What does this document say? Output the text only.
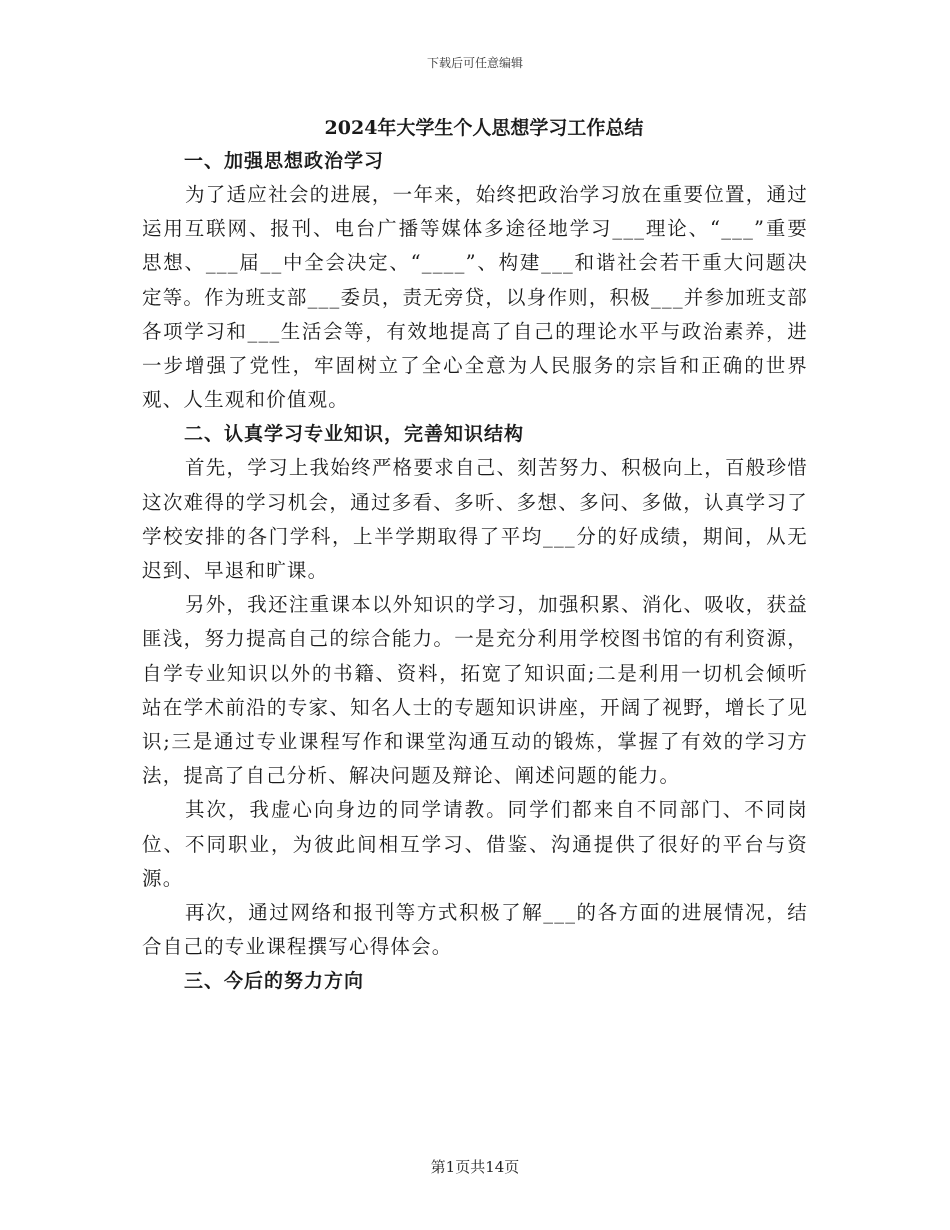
下载后可任意编辑
2024年大学生个人思想学习工作总结
一、加强思想政治学习

为了适应社会的进展，一年来，始终把政治学习放在重要位置，通过运用互联网、报刊、电台广播等媒体多途径地学习___理论、“___”重要思想、___届__中全会决定、“____”、构建___和谐社会若干重大问题决定等。作为班支部___委员，责无旁贷，以身作则，积极___并参加班支部各项学习和___生活会等，有效地提高了自己的理论水平与政治素养，进一步增强了党性，牢固树立了全心全意为人民服务的宗旨和正确的世界观、人生观和价值观。

二、认真学习专业知识，完善知识结构

首先，学习上我始终严格要求自己、刻苦努力、积极向上，百般珍惜这次难得的学习机会，通过多看、多听、多想、多问、多做，认真学习了学校安排的各门学科，上半学期取得了平均___分的好成绩，期间，从无迟到、早退和旷课。

另外，我还注重课本以外知识的学习，加强积累、消化、吸收，获益匪浅，努力提高自己的综合能力。一是充分利用学校图书馆的有利资源，自学专业知识以外的书籍、资料，拓宽了知识面;二是利用一切机会倾听站在学术前沿的专家、知名人士的专题知识讲座，开阔了视野，增长了见识;三是通过专业课程写作和课堂沟通互动的锻炼，掌握了有效的学习方法，提高了自己分析、解决问题及辩论、阐述问题的能力。

其次，我虚心向身边的同学请教。同学们都来自不同部门、不同岗位、不同职业，为彼此间相互学习、借鉴、沟通提供了很好的平台与资源。

再次，通过网络和报刊等方式积极了解___的各方面的进展情况，结合自己的专业课程撰写心得体会。

三、今后的努力方向
第1页共14页
